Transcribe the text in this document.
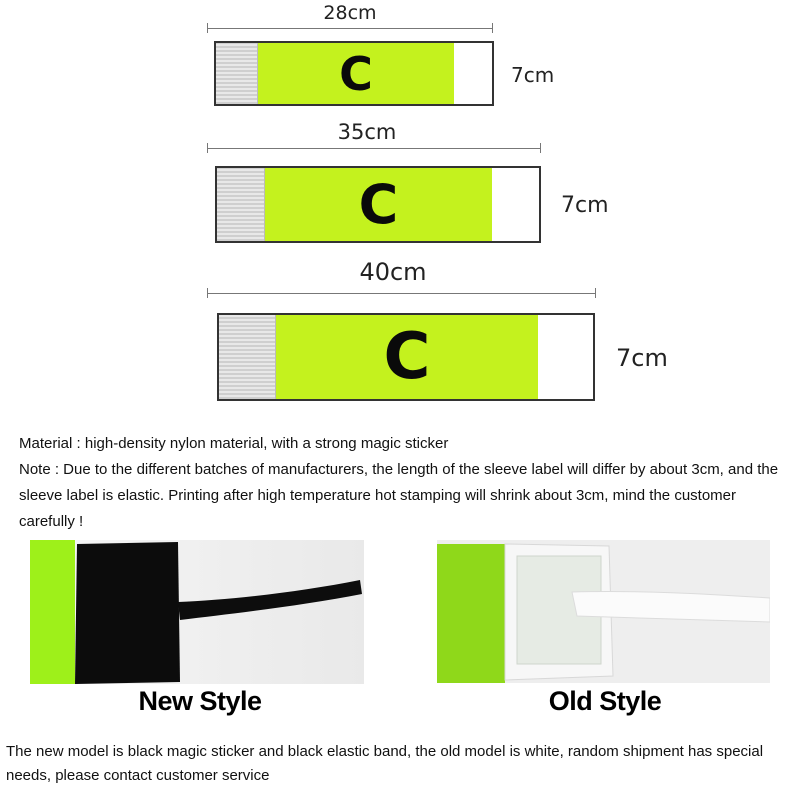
28cm
C	7cm
35cm
C	7cm
40cm
C	7cm

Material : high-density nylon material, with a strong magic sticker

Note : Due to the different batches of manufacturers, the length of the sleeve label will differ by about 3cm, and the sleeve label is elastic. Printing after high temperature hot stamping will shrink about 3cm, mind the customer carefully !

New Style	Old Style

The new model is black magic sticker and black elastic band, the old model is white, random shipment has special needs, please contact customer service
